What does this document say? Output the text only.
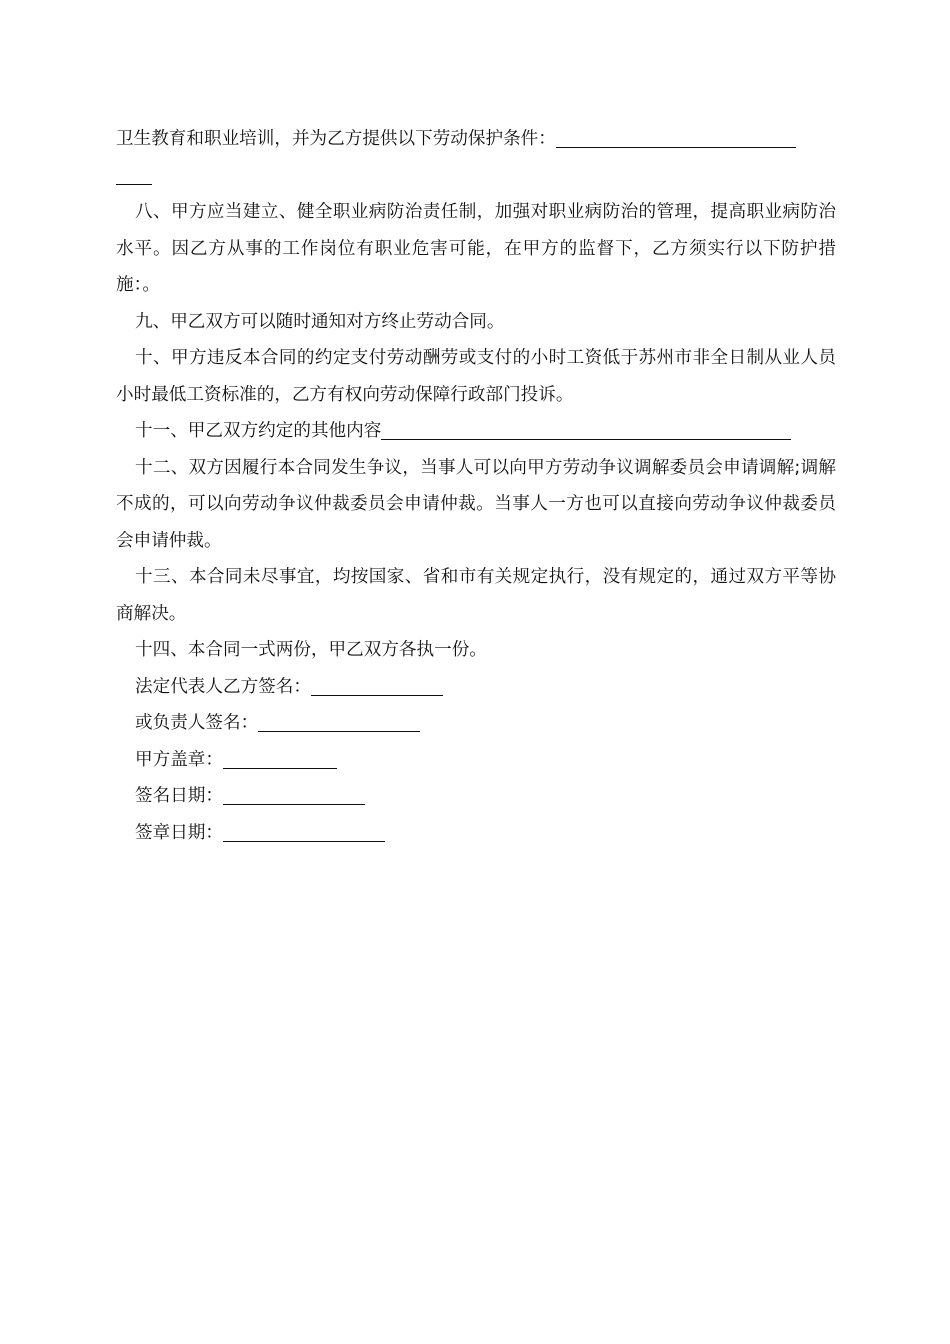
卫生教育和职业培训，并为乙方提供以下劳动保护条件：

八、甲方应当建立、健全职业病防治责任制，加强对职业病防治的管理，提高职业病防治水平。因乙方从事的工作岗位有职业危害可能，在甲方的监督下，乙方须实行以下防护措施：。

九、甲乙双方可以随时通知对方终止劳动合同。

十、甲方违反本合同的约定支付劳动酬劳或支付的小时工资低于苏州市非全日制从业人员小时最低工资标准的，乙方有权向劳动保障行政部门投诉。

十一、甲乙双方约定的其他内容

十二、双方因履行本合同发生争议，当事人可以向甲方劳动争议调解委员会申请调解;调解不成的，可以向劳动争议仲裁委员会申请仲裁。当事人一方也可以直接向劳动争议仲裁委员会申请仲裁。

十三、本合同未尽事宜，均按国家、省和市有关规定执行，没有规定的，通过双方平等协商解决。

十四、本合同一式两份，甲乙双方各执一份。

法定代表人乙方签名：

或负责人签名：

甲方盖章：

签名日期：

签章日期：
